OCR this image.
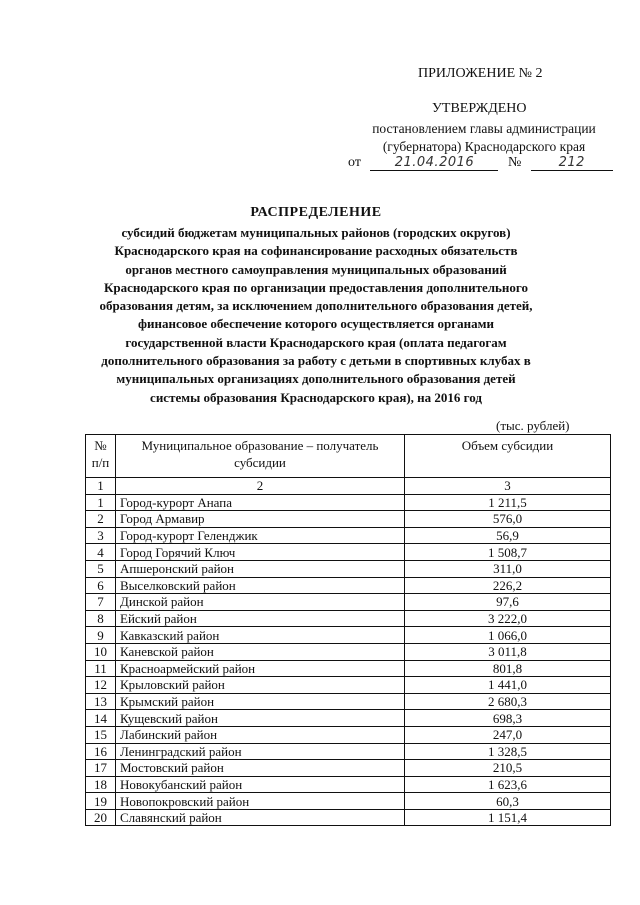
ПРИЛОЖЕНИЕ № 2
УТВЕРЖДЕНО
постановлением главы администрации
(губернатора) Краснодарского края
от	21.04.2016 №	212
РАСПРЕДЕЛЕНИЕ
субсидий бюджетам муниципальных районов (городских округов)
Краснодарского края на софинансирование расходных обязательств
органов местного самоуправления муниципальных образований
Краснодарского края по организации предоставления дополнительного
образования детям, за исключением дополнительного образования детей,
финансовое обеспечение которого осуществляется органами
государственной власти Краснодарского края (оплата педагогам
дополнительного образования за работу с детьми в спортивных клубах в
муниципальных организациях дополнительного образования детей
системы образования Краснодарского края), на 2016 год
(тыс. рублей)
№ п/п	Муниципальное образование – получатель субсидии	Объем субсидии
1	2	3
1	Город-курорт Анапа	1 211,5
2	Город Армавир	576,0
3	Город-курорт Геленджик	56,9
4	Город Горячий Ключ	1 508,7
5	Апшеронский район	311,0
6	Выселковский район	226,2
7	Динской район	97,6
8	Ейский район	3 222,0
9	Кавказский район	1 066,0
10	Каневской район	3 011,8
11	Красноармейский район	801,8
12	Крыловский район	1 441,0
13	Крымский район	2 680,3
14	Кущевский район	698,3
15	Лабинский район	247,0
16	Ленинградский район	1 328,5
17	Мостовский район	210,5
18	Новокубанский район	1 623,6
19	Новопокровский район	60,3
20	Славянский район	1 151,4
